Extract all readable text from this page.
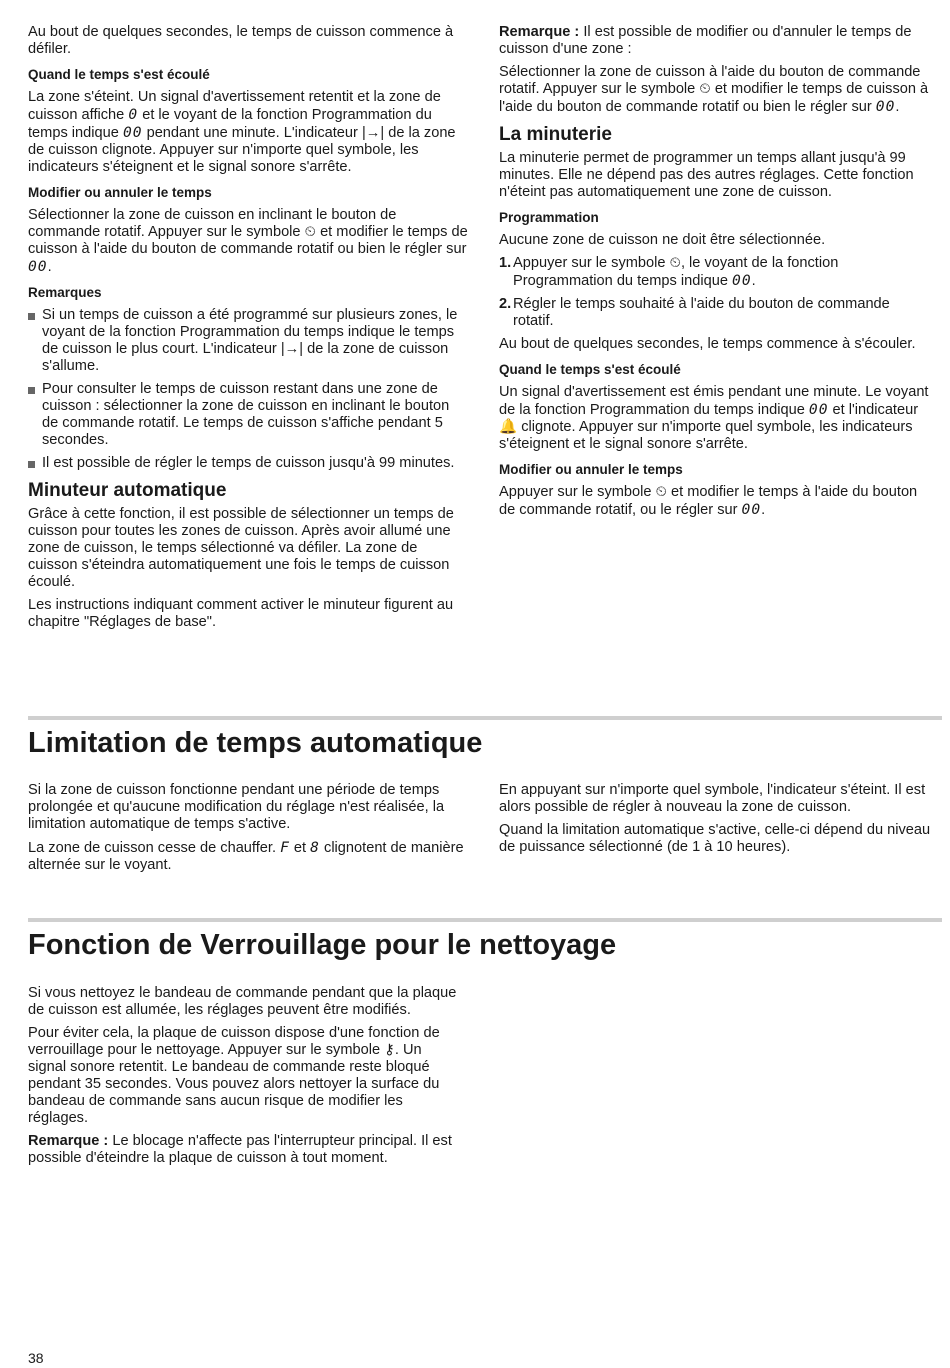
Au bout de quelques secondes, le temps de cuisson commence à défiler.

Quand le temps s'est écoulé

La zone s'éteint. Un signal d'avertissement retentit et la zone de cuisson affiche 0 et le voyant de la fonction Programmation du temps indique 00 pendant une minute. L'indicateur |→| de la zone de cuisson clignote. Appuyer sur n'importe quel symbole, les indicateurs s'éteignent et le signal sonore s'arrête.

Modifier ou annuler le temps

Sélectionner la zone de cuisson en inclinant le bouton de commande rotatif. Appuyer sur le symbole ⏲ et modifier le temps de cuisson à l'aide du bouton de commande rotatif ou bien le régler sur 00.

Remarques
Si un temps de cuisson a été programmé sur plusieurs zones, le voyant de la fonction Programmation du temps indique le temps de cuisson le plus court. L'indicateur |→| de la zone de cuisson s'allume.
Pour consulter le temps de cuisson restant dans une zone de cuisson : sélectionner la zone de cuisson en inclinant le bouton de commande rotatif. Le temps de cuisson s'affiche pendant 5 secondes.
Il est possible de régler le temps de cuisson jusqu'à 99 minutes.
Minuteur automatique

Grâce à cette fonction, il est possible de sélectionner un temps de cuisson pour toutes les zones de cuisson. Après avoir allumé une zone de cuisson, le temps sélectionné va défiler. La zone de cuisson s'éteindra automatiquement une fois le temps de cuisson écoulé.

Les instructions indiquant comment activer le minuteur figurent au chapitre "Réglages de base".

Remarque : Il est possible de modifier ou d'annuler le temps de cuisson d'une zone :

Sélectionner la zone de cuisson à l'aide du bouton de commande rotatif. Appuyer sur le symbole ⏲ et modifier le temps de cuisson à l'aide du bouton de commande rotatif ou bien le régler sur 00.

La minuterie

La minuterie permet de programmer un temps allant jusqu'à 99 minutes. Elle ne dépend pas des autres réglages. Cette fonction n'éteint pas automatiquement une zone de cuisson.

Programmation

Aucune zone de cuisson ne doit être sélectionnée.

1. Appuyer sur le symbole ⏲, le voyant de la fonction Programmation du temps indique 00.
2. Régler le temps souhaité à l'aide du bouton de commande rotatif.

Au bout de quelques secondes, le temps commence à s'écouler.

Quand le temps s'est écoulé

Un signal d'avertissement est émis pendant une minute. Le voyant de la fonction Programmation du temps indique 00 et l'indicateur 🔔 clignote. Appuyer sur n'importe quel symbole, les indicateurs s'éteignent et le signal sonore s'arrête.

Modifier ou annuler le temps

Appuyer sur le symbole ⏲ et modifier le temps à l'aide du bouton de commande rotatif, ou le régler sur 00.

Limitation de temps automatique

Si la zone de cuisson fonctionne pendant une période de temps prolongée et qu'aucune modification du réglage n'est réalisée, la limitation automatique de temps s'active.

La zone de cuisson cesse de chauffer. F et 8 clignotent de manière alternée sur le voyant.

En appuyant sur n'importe quel symbole, l'indicateur s'éteint. Il est alors possible de régler à nouveau la zone de cuisson.

Quand la limitation automatique s'active, celle-ci dépend du niveau de puissance sélectionné (de 1 à 10 heures).

Fonction de Verrouillage pour le nettoyage

Si vous nettoyez le bandeau de commande pendant que la plaque de cuisson est allumée, les réglages peuvent être modifiés.

Pour éviter cela, la plaque de cuisson dispose d'une fonction de verrouillage pour le nettoyage. Appuyer sur le symbole ⚷. Un signal sonore retentit. Le bandeau de commande reste bloqué pendant 35 secondes. Vous pouvez alors nettoyer la surface du bandeau de commande sans aucun risque de modifier les réglages.

Remarque : Le blocage n'affecte pas l'interrupteur principal. Il est possible d'éteindre la plaque de cuisson à tout moment.

38
